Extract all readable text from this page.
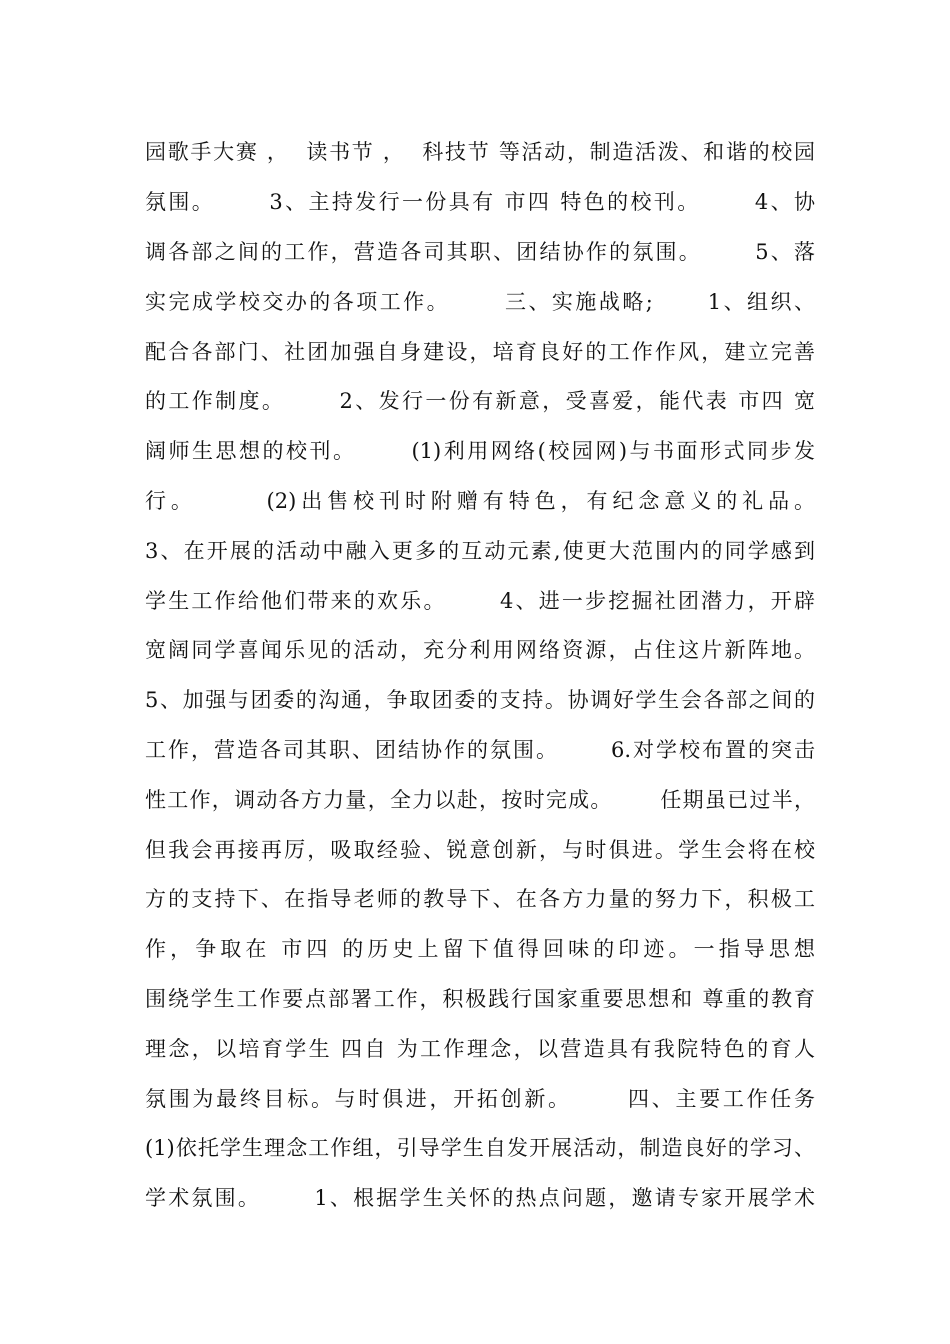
园歌手大赛 ，  读书节 ，  科技节 等活动，制造活泼、和谐的校园

氛围。      3、主持发行一份具有 市四 特色的校刊。      4、协

调各部之间的工作，营造各司其职、团结协作的氛围。      5、落

实完成学校交办的各项工作。      三、实施战略;      1、组织、

配合各部门、社团加强自身建设，培育良好的工作作风，建立完善

的工作制度。      2、发行一份有新意，受喜爱，能代表 市四 宽

阔师生思想的校刊。      (1)利用网络(校园网)与书面形式同步发

行。      (2)出售校刊时附赠有特色，有纪念意义的礼品。

3、在开展的活动中融入更多的互动元素,使更大范围内的同学感到

学生工作给他们带来的欢乐。      4、进一步挖掘社团潜力，开辟

宽阔同学喜闻乐见的活动，充分利用网络资源，占住这片新阵地。

5、加强与团委的沟通，争取团委的支持。协调好学生会各部之间的

工作，营造各司其职、团结协作的氛围。      6.对学校布置的突击

性工作，调动各方力量，全力以赴，按时完成。      任期虽已过半，

但我会再接再厉，吸取经验、锐意创新，与时俱进。学生会将在校

方的支持下、在指导老师的教导下、在各方力量的努力下，积极工

作，争取在 市四 的历史上留下值得回味的印迹。一指导思想

围绕学生工作要点部署工作，积极践行国家重要思想和 尊重的教育

理念，以培育学生 四自 为工作理念，以营造具有我院特色的育人

氛围为最终目标。与时俱进，开拓创新。      四、主要工作任务

(1)依托学生理念工作组，引导学生自发开展活动，制造良好的学习、

学术氛围。      1、根据学生关怀的热点问题，邀请专家开展学术
